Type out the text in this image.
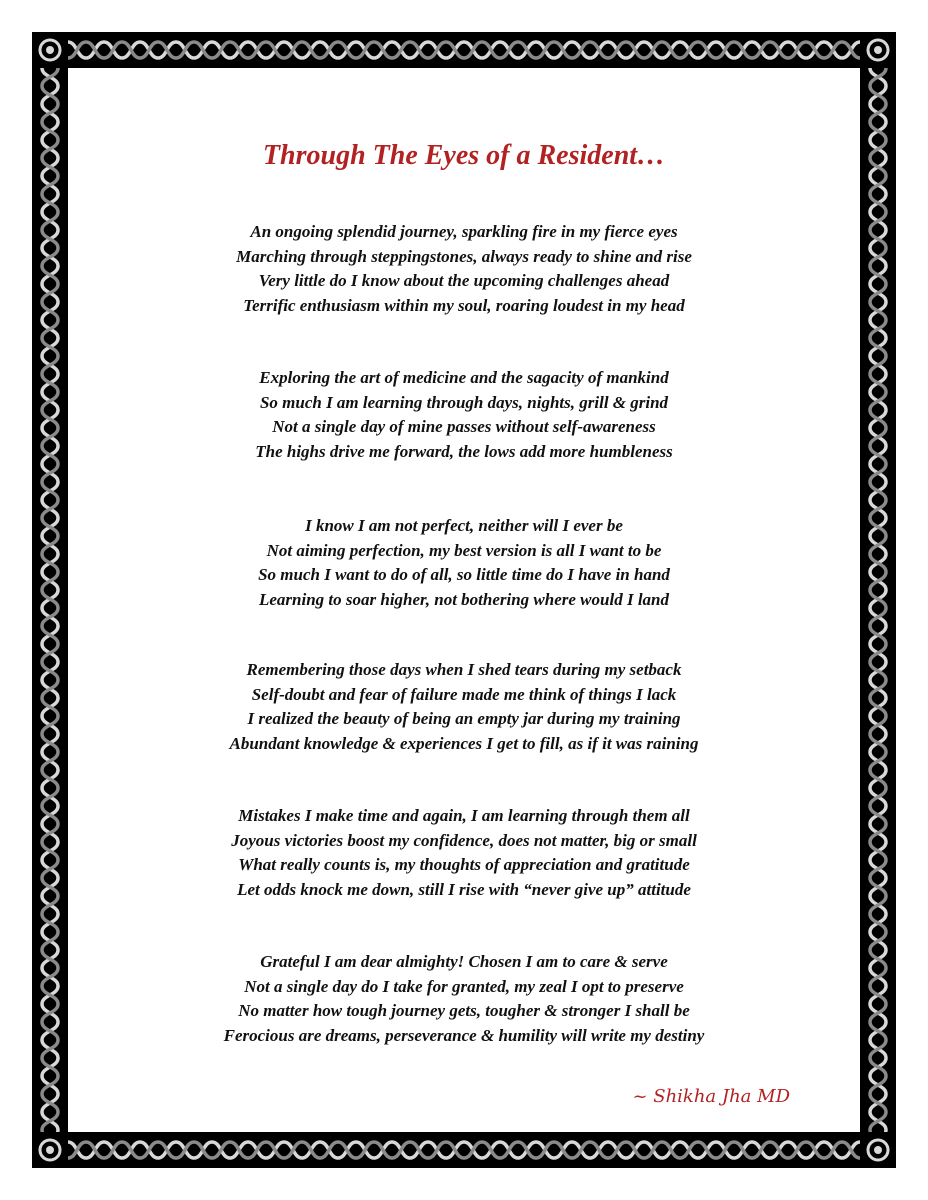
Through The Eyes of a Resident…

An ongoing splendid journey, sparkling fire in my fierce eyes
Marching through steppingstones, always ready to shine and rise
Very little do I know about the upcoming challenges ahead
Terrific enthusiasm within my soul, roaring loudest in my head

Exploring the art of medicine and the sagacity of mankind
So much I am learning through days, nights, grill & grind
Not a single day of mine passes without self-awareness
The highs drive me forward, the lows add more humbleness

I know I am not perfect, neither will I ever be
Not aiming perfection, my best version is all I want to be
So much I want to do of all, so little time do I have in hand
Learning to soar higher, not bothering where would I land

Remembering those days when I shed tears during my setback
Self-doubt and fear of failure made me think of things I lack
I realized the beauty of being an empty jar during my training
Abundant knowledge & experiences I get to fill, as if it was raining

Mistakes I make time and again, I am learning through them all
Joyous victories boost my confidence, does not matter, big or small
What really counts is, my thoughts of appreciation and gratitude
Let odds knock me down, still I rise with “never give up” attitude

Grateful I am dear almighty! Chosen I am to care & serve
Not a single day do I take for granted, my zeal I opt to preserve
No matter how tough journey gets, tougher & stronger I shall be
Ferocious are dreams, perseverance & humility will write my destiny

~ Shikha Jha MD
